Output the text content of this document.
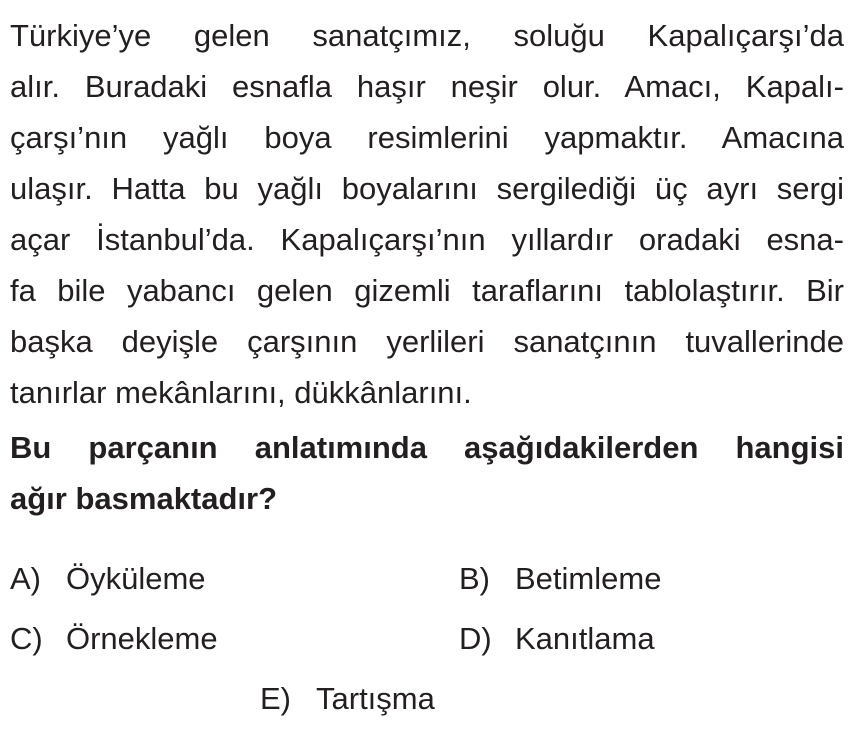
Türkiye’ye gelen sanatçımız, soluğu Kapalıçarşı’da
alır. Buradaki esnafla haşır neşir olur. Amacı, Kapalı-
çarşı’nın yağlı boya resimlerini yapmaktır. Amacına
ulaşır. Hatta bu yağlı boyalarını sergilediği üç ayrı sergi
açar İstanbul’da. Kapalıçarşı’nın yıllardır oradaki esna-
fa bile yabancı gelen gizemli taraflarını tablolaştırır. Bir
başka deyişle çarşının yerlileri sanatçının tuvallerinde
tanırlar mekânlarını, dükkânlarını.
Bu parçanın anlatımında aşağıdakilerden hangisi
ağır basmaktadır?
A) Öyküleme	B) Betimleme
C) Örnekleme	D) Kanıtlama
E) Tartışma
